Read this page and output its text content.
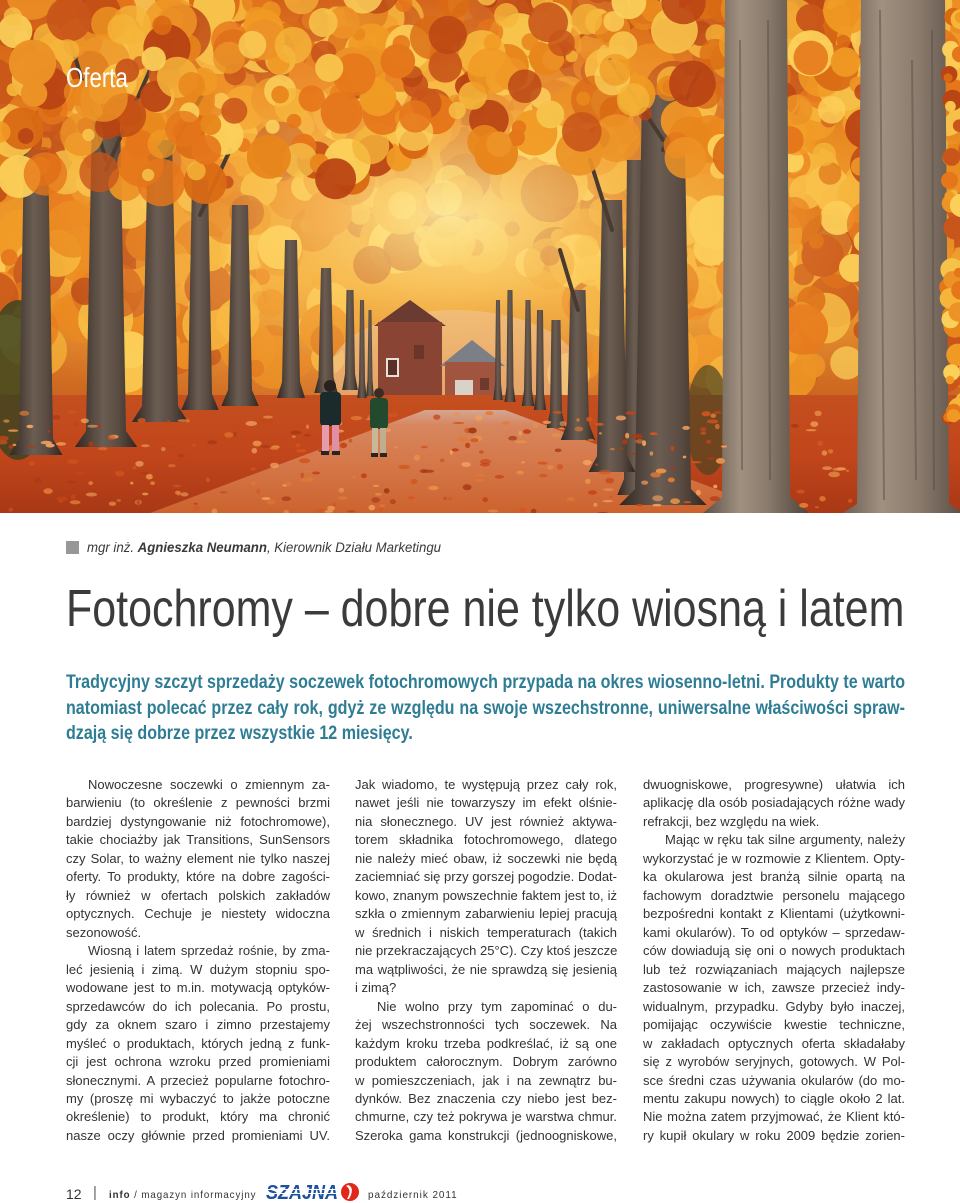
Oferta
mgr inż. Agnieszka Neumann, Kierownik Działu Marketingu
Fotochromy – dobre nie tylko wiosną i latem
Tradycyjny szczyt sprzedaży soczewek fotochromowych przypada na okres wiosenno-letni. Produkty te warto
natomiast polecać przez cały rok, gdyż ze względu na swoje wszechstronne, uniwersalne właściwości spraw-
dzają się dobrze przez wszystkie 12 miesięcy.
Nowoczesne soczewki o zmiennym za-
barwieniu (to określenie z pewności brzmi
bardziej dystyngowanie niż fotochromowe),
takie chociażby jak Transitions, SunSensors
czy Solar, to ważny element nie tylko naszej
oferty. To produkty, które na dobre zagości-
ły również w ofertach polskich zakładów
optycznych. Cechuje je niestety widoczna
sezonowość.
Wiosną i latem sprzedaż rośnie, by zma-
leć jesienią i zimą. W dużym stopniu spo-
wodowane jest to m.in. motywacją optyków-
sprzedawców do ich polecania. Po prostu,
gdy za oknem szaro i zimno przestajemy
myśleć o produktach, których jedną z funk-
cji jest ochrona wzroku przed promieniami
słonecznymi. A przecież popularne fotochro-
my (proszę mi wybaczyć to jakże potoczne
określenie) to produkt, który ma chronić
nasze oczy głównie przed promieniami UV.
Jak wiadomo, te występują przez cały rok,
nawet jeśli nie towarzyszy im efekt olśnie-
nia słonecznego. UV jest również aktywa-
torem składnika fotochromowego, dlatego
nie należy mieć obaw, iż soczewki nie będą
zaciemniać się przy gorszej pogodzie. Dodat-
kowo, znanym powszechnie faktem jest to, iż
szkła o zmiennym zabarwieniu lepiej pracują
w średnich i niskich temperaturach (takich
nie przekraczających 25°C). Czy ktoś jeszcze
ma wątpliwości, że nie sprawdzą się jesienią
i zimą?
Nie wolno przy tym zapominać o du-
żej wszechstronności tych soczewek. Na
każdym kroku trzeba podkreślać, iż są one
produktem całorocznym. Dobrym zarówno
w pomieszczeniach, jak i na zewnątrz bu-
dynków. Bez znaczenia czy niebo jest bez-
chmurne, czy też pokrywa je warstwa chmur.
Szeroka gama konstrukcji (jednoogniskowe,
dwuogniskowe, progresywne) ułatwia ich
aplikację dla osób posiadających różne wady
refrakcji, bez względu na wiek.
Mając w ręku tak silne argumenty, należy
wykorzystać je w rozmowie z Klientem. Opty-
ka okularowa jest branżą silnie opartą na
fachowym doradztwie personelu mającego
bezpośredni kontakt z Klientami (użytkowni-
kami okularów). To od optyków – sprzedaw-
ców dowiadują się oni o nowych produktach
lub też rozwiązaniach mających najlepsze
zastosowanie w ich, zawsze przecież indy-
widualnym, przypadku. Gdyby było inaczej,
pomijając oczywiście kwestie techniczne,
w zakładach optycznych oferta składałaby
się z wyrobów seryjnych, gotowych. W Pol-
sce średni czas używania okularów (do mo-
mentu zakupu nowych) to ciągle około 2 lat.
Nie można zatem przyjmować, że Klient któ-
ry kupił okulary w roku 2009 będzie zorien-
12 | info / magazyn informacyjny SZAJNA	październik 2011
